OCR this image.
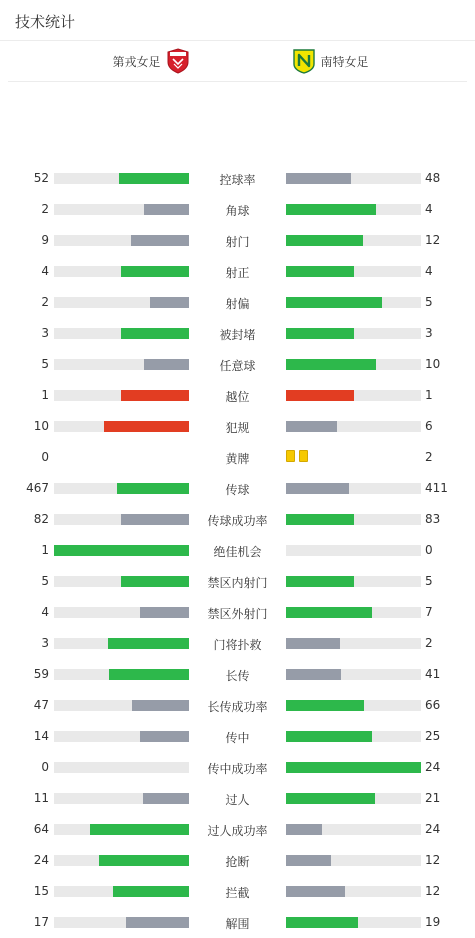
技术统计
第戎女足	南特女足
52	控球率	48
2	角球	4
9	射门	12
4	射正	4
2	射偏	5
3	被封堵	3
5	任意球	10
1	越位	1
10	犯规	6
0	黄牌	2
467	传球	411
82	传球成功率	83
1	绝佳机会	0
5	禁区内射门	5
4	禁区外射门	7
3	门将扑救	2
59	长传	41
47	长传成功率	66
14	传中	25
0	传中成功率	24
11	过人	21
64	过人成功率	24
24	抢断	12
15	拦截	12
17	解围	19
